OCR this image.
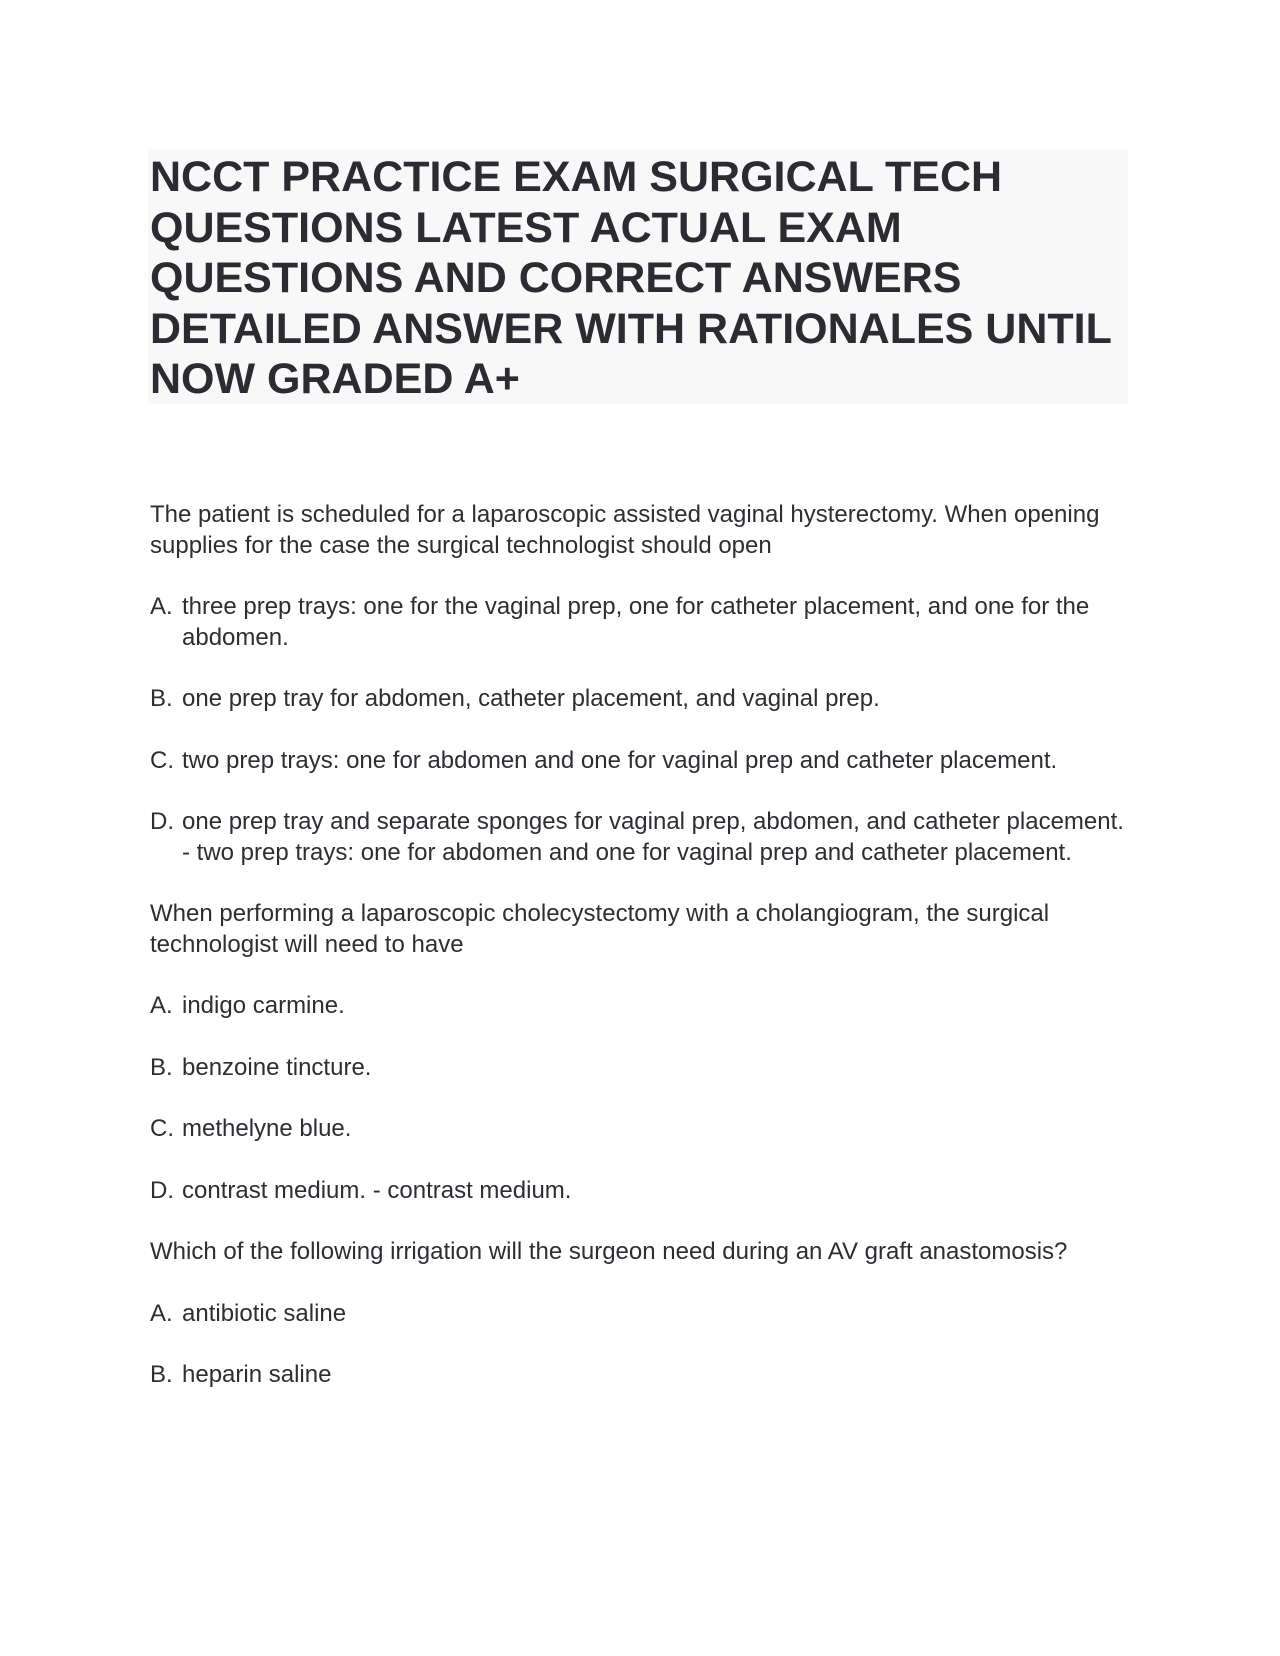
NCCT PRACTICE EXAM SURGICAL TECH QUESTIONS LATEST ACTUAL EXAM QUESTIONS AND CORRECT ANSWERS DETAILED ANSWER WITH RATIONALES UNTIL NOW GRADED A+

The patient is scheduled for a laparoscopic assisted vaginal hysterectomy. When opening supplies for the case the surgical technologist should open

A. three prep trays: one for the vaginal prep, one for catheter placement, and one for the abdomen.
B. one prep tray for abdomen, catheter placement, and vaginal prep.
C. two prep trays: one for abdomen and one for vaginal prep and catheter placement.
D. one prep tray and separate sponges for vaginal prep, abdomen, and catheter placement. - two prep trays: one for abdomen and one for vaginal prep and catheter placement.

When performing a laparoscopic cholecystectomy with a cholangiogram, the surgical technologist will need to have

A. indigo carmine.
B. benzoine tincture.
C. methelyne blue.
D. contrast medium. - contrast medium.

Which of the following irrigation will the surgeon need during an AV graft anastomosis?

A. antibiotic saline
B. heparin saline
